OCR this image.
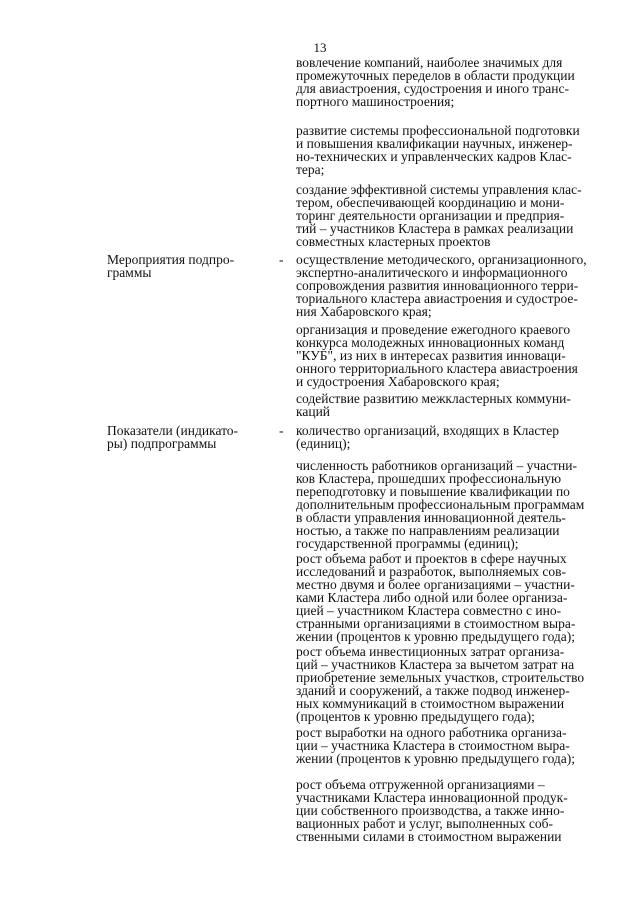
13
вовлечение компаний, наиболее значимых для
промежуточных переделов в области продукции
для авиастроения, судостроения и иного транс-
портного машиностроения;
развитие системы профессиональной подготовки
и повышения квалификации научных, инженер-
но-технических и управленческих кадров Клас-
тера;
создание эффективной системы управления клас-
тером, обеспечивающей координацию и мони-
торинг деятельности организации и предприя-
тий – участников Кластера в рамках реализации
совместных кластерных проектов
Мероприятия подпро-
граммы
- осуществление методического, организационного,
экспертно-аналитического и информационного
сопровождения развития инновационного терри-
ториального кластера авиастроения и судострое-
ния Хабаровского края;
организация и проведение ежегодного краевого
конкурса молодежных инновационных команд
"КУБ", из них в интересах развития инноваци-
онного территориального кластера авиастроения
и судостроения Хабаровского края;
содействие развитию межкластерных коммуни-
каций
Показатели (индикато-
ры) подпрограммы
- количество организаций, входящих в Кластер
(единиц);
численность работников организаций – участни-
ков Кластера, прошедших профессиональную
переподготовку и повышение квалификации по
дополнительным профессиональным программам
в области управления инновационной деятель-
ностью, а также по направлениям реализации
государственной программы (единиц);
рост объема работ и проектов в сфере научных
исследований и разработок, выполняемых сов-
местно двумя и более организациями – участни-
ками Кластера либо одной или более организа-
цией – участником Кластера совместно с ино-
странными организациями в стоимостном выра-
жении (процентов к уровню предыдущего года);
рост объема инвестиционных затрат организа-
ций – участников Кластера за вычетом затрат на
приобретение земельных участков, строительство
зданий и сооружений, а также подвод инженер-
ных коммуникаций в стоимостном выражении
(процентов к уровню предыдущего года);
рост выработки на одного работника организа-
ции – участника Кластера в стоимостном выра-
жении (процентов к уровню предыдущего года);
рост объема отгруженной организациями –
участниками Кластера инновационной продук-
ции собственного производства, а также инно-
вационных работ и услуг, выполненных соб-
ственными силами в стоимостном выражении
